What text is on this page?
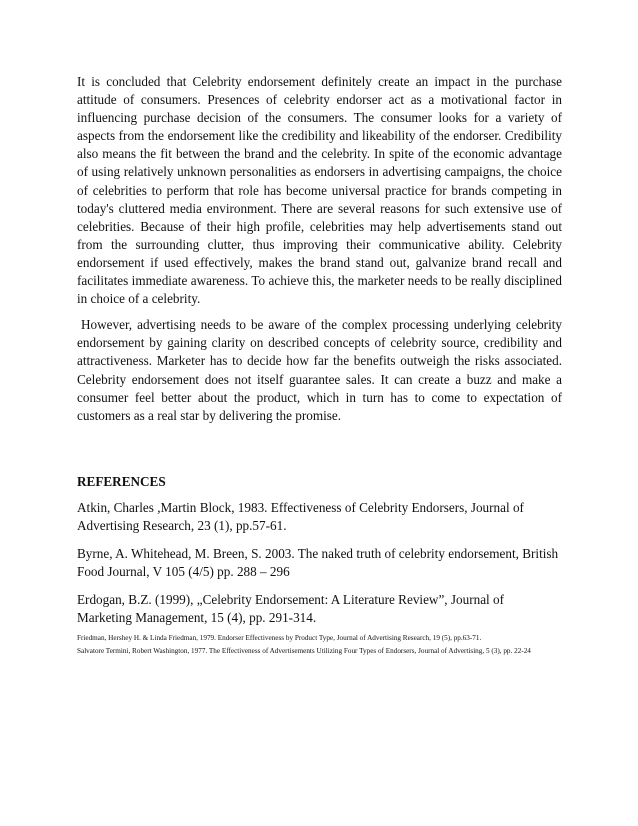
It is concluded that Celebrity endorsement definitely create an impact in the purchase attitude of consumers. Presences of celebrity endorser act as a motivational factor in influencing purchase decision of the consumers. The consumer looks for a variety of aspects from the endorsement like the credibility and likeability of the endorser. Credibility also means the fit between the brand and the celebrity. In spite of the economic advantage of using relatively unknown personalities as endorsers in advertising campaigns, the choice of celebrities to perform that role has become universal practice for brands competing in today's cluttered media environment. There are several reasons for such extensive use of celebrities. Because of their high profile, celebrities may help advertisements stand out from the surrounding clutter, thus improving their communicative ability. Celebrity endorsement if used effectively, makes the brand stand out, galvanize brand recall and facilitates immediate awareness. To achieve this, the marketer needs to be really disciplined in choice of a celebrity.

However, advertising needs to be aware of the complex processing underlying celebrity endorsement by gaining clarity on described concepts of celebrity source, credibility and attractiveness. Marketer has to decide how far the benefits outweigh the risks associated. Celebrity endorsement does not itself guarantee sales. It can create a buzz and make a consumer feel better about the product, which in turn has to come to expectation of customers as a real star by delivering the promise.

REFERENCES

Atkin, Charles ,Martin Block, 1983. Effectiveness of Celebrity Endorsers, Journal of Advertising Research, 23 (1), pp.57-61.

Byrne, A. Whitehead, M. Breen, S. 2003. The naked truth of celebrity endorsement, British Food Journal, V 105 (4/5) pp. 288 – 296

Erdogan, B.Z. (1999), „Celebrity Endorsement: A Literature Review”, Journal of Marketing Management, 15 (4), pp. 291-314.

Friedman, Hershey H. & Linda Friedman, 1979. Endorser Effectiveness by Product Type, Journal of Advertising Research, 19 (5), pp.63-71.

Salvatore Termini, Robert Washington, 1977. The Effectiveness of Advertisements Utilizing Four Types of Endorsers, Journal of Advertising, 5 (3), pp. 22-24
